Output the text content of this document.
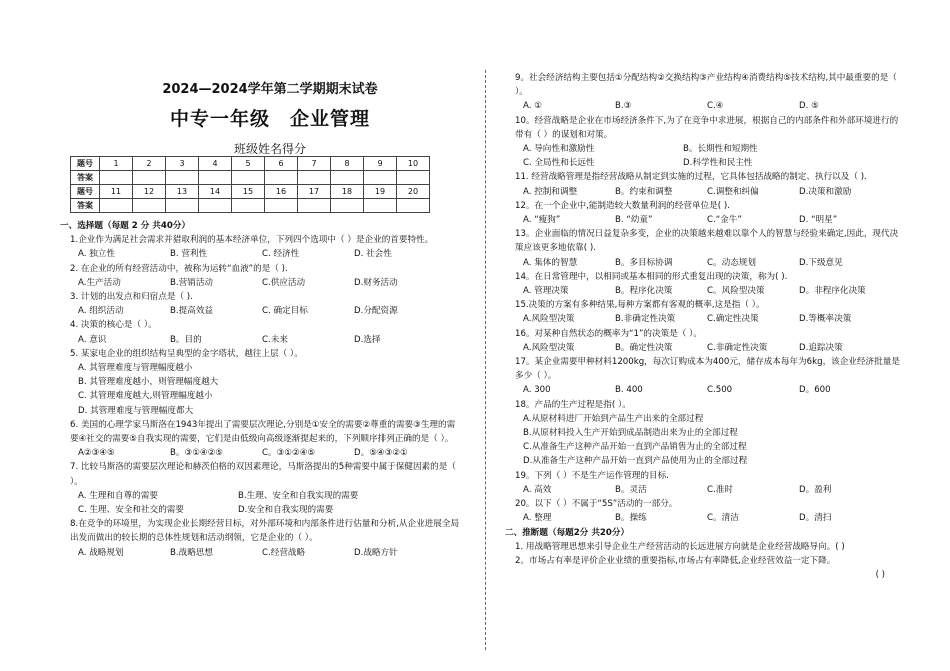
2024—2024学年第二学期期末试卷
中专一年级　企业管理
班级姓名得分
题号	1	2	3	4	5	6	7	8	9	10
答案										
题号	11	12	13	14	15	16	17	18	19	20
答案										
一、选择题（每题 2 分 共40分）
1.企业作为满足社会需求并猎取利润的基本经济单位，下列四个选项中（ ）是企业的首要特性。
A. 独立性	B. 营利性	C. 经济性	D. 社会性
2. 在企业的所有经营活动中，被称为运转“血液”的是（ ).
A.生产活动	B.营销活动	C.供应活动	D.财务活动
3. 计划的出发点和归宿点是（ ).
A. 组织活动	B.提高效益	C. 确定目标	D.分配资源
4. 决策的核心是（ ）。
A. 意识	B。目的	C.未来	D.选择
5. 某家电企业的组织结构呈典型的金字塔状，越往上层（ ）。
A. 其管理难度与管理幅度越小
B. 其管理难度越小，则管理幅度越大
C. 其管理难度越大,则管理幅度越小
D. 其管理难度与管理幅度都大
6. 美国的心理学家马斯洛在1943年提出了需要层次理论,分别是①安全的需要②尊重的需要③生理的需要④社交的需要⑤自我实现的需要，它们是由低级向高级逐渐提起来的，下列顺序排列正确的是（ ）。
A②③④⑤	B。③①④②⑤	C。③①②④⑤	D。⑤④③②①
7. 比较马斯洛的需要层次理论和赫茨伯格的双因素理论，马斯洛提出的5种需要中属于保健因素的是（ ）。
A. 生理和自尊的需要	B.生理、安全和自我实现的需要
C. 生理、安全和社交的需要	D.安全和自我实现的需要
8.在竞争的环境里，为实现企业长期经营目标，对外部环境和内部条件进行估量和分析,从企业进展全局出发而做出的较长期的总体性规划和活动纲领，它是企业的（ ）。
A. 战略规划	B.战略思想	C.经营战略	D.战略方针
9。社会经济结构主要包括①分配结构②交换结构③产业结构④消费结构⑤技术结构,其中最重要的是（ ）。
A. ①	B.③	C.④	D. ⑤
10。经营战略是企业在市场经济条件下,为了在竞争中求进展，根据自己的内部条件和外部环境进行的带有（ ）的谋划和对策。
A. 导向性和激励性	B。长期性和短期性
C. 全局性和长远性	D.科学性和民主性
11. 经营战略管理是指经营战略从制定到实施的过程，它具体包括战略的制定、执行以及（ ).
A. 控制和调整	B。约束和调整	C.调整和纠偏	D.决策和激励
12。在一个企业中,能制造较大数量利润的经营单位是( ).
A. “瘦狗”	B. “幼童”	C.“金牛”	D. “明星”
13。企业面临的情况日益复杂多变，企业的决策越来越难以靠个人的智慧与经验来确定,因此，现代决策应该更多地依靠( ).
A. 集体的智慧	B。多目标协调	C。动态规划	D.下级意见
14。在日常管理中，以相同或基本相同的形式重复出现的决策，称为( ).
A. 管理决策	B。程序化决策	C。风险型决策	D。非程序化决策
15.决策的方案有多种结果,每种方案都有客观的概率,这是指（ ）。
A.风险型决策	B.非确定性决策	C.确定性决策	D.等概率决策
16。对某种自然状态的概率为“1”的决策是（ ）。
A.风险型决策	B。确定性决策	C.非确定性决策	D.追踪决策
17。某企业需要甲种材料1200kg，每次订购成本为400元，储存成本每年为6kg，该企业经济批量是多少（ ）。
A. 300	B. 400	C.500	D。600
18。产品的生产过程是指( ）。
A.从原材料进厂开始到产品生产出来的全部过程
B.从原材料投入生产开始到成品制造出来为止的全部过程
C.从准备生产这种产品开始一直到产品销售为止的全部过程
D.从准备生产这种产品开始一直到产品使用为止的全部过程
19。下列（ ）不是生产运作管理的目标.
A. 高效	B。灵活	C.准时	D。盈利
20。以下（ ）不属于“5S”活动的一部分。
A. 整理	B。操练	C。清洁	D。清扫
二、推断题（每题2分 共20分）
1. 用战略管理思想来引导企业生产经营活动的长远进展方向就是企业经营战略导向。( )
2。市场占有率是评价企业业绩的重要指标,市场占有率降低,企业经营效益一定下降。
( )
